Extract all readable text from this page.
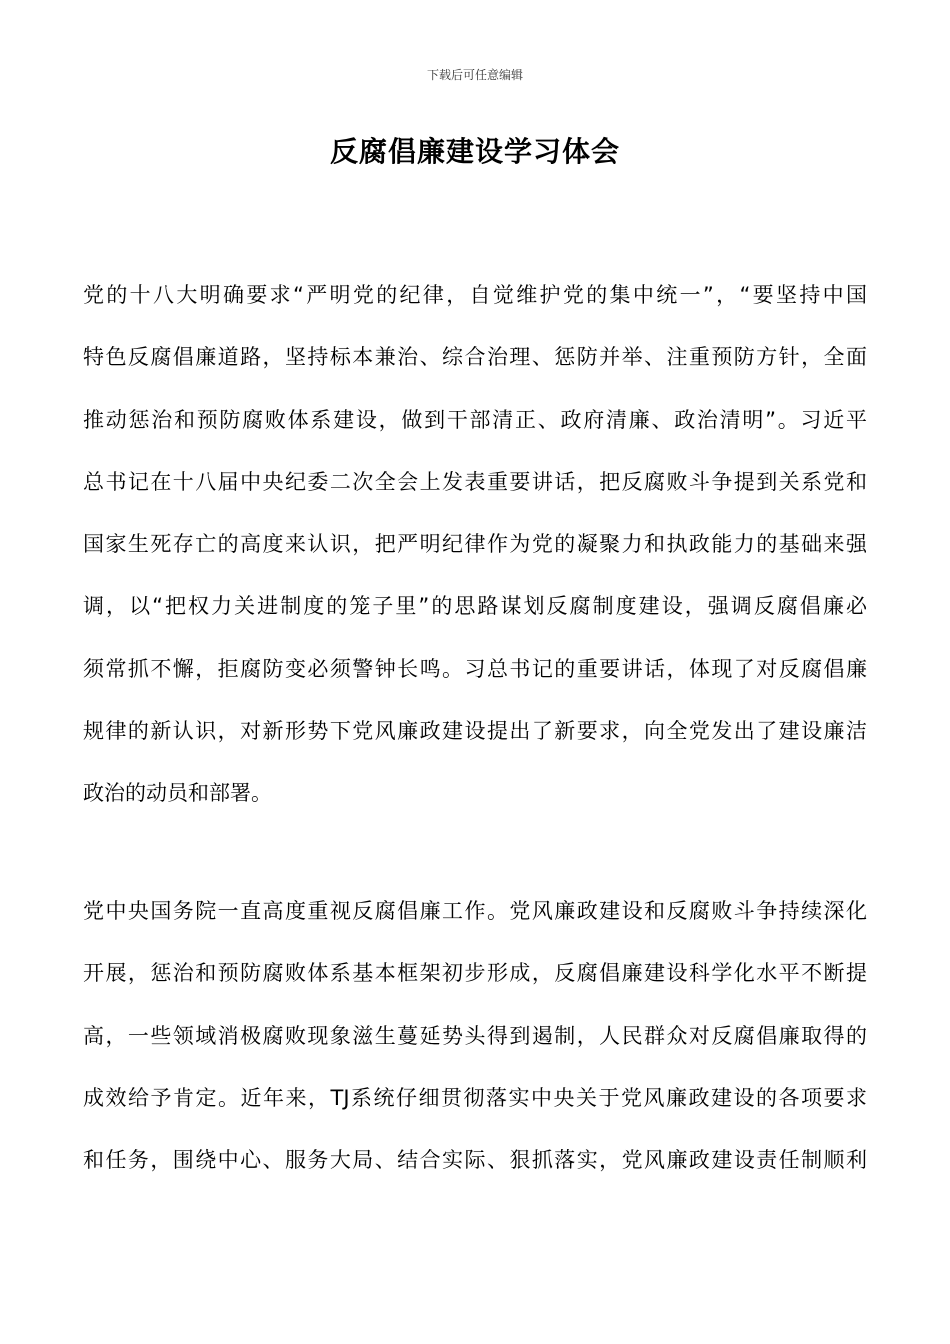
下载后可任意编辑
反腐倡廉建设学习体会
党的十八大明确要求“严明党的纪律，自觉维护党的集中统一”，“要坚持中国
特色反腐倡廉道路，坚持标本兼治、综合治理、惩防并举、注重预防方针，全面
推动惩治和预防腐败体系建设，做到干部清正、政府清廉、政治清明”。习近平
总书记在十八届中央纪委二次全会上发表重要讲话，把反腐败斗争提到关系党和
国家生死存亡的高度来认识，把严明纪律作为党的凝聚力和执政能力的基础来强
调，以“把权力关进制度的笼子里”的思路谋划反腐制度建设，强调反腐倡廉必
须常抓不懈，拒腐防变必须警钟长鸣。习总书记的重要讲话，体现了对反腐倡廉
规律的新认识，对新形势下党风廉政建设提出了新要求，向全党发出了建设廉洁
政治的动员和部署。
党中央国务院一直高度重视反腐倡廉工作。党风廉政建设和反腐败斗争持续深化
开展，惩治和预防腐败体系基本框架初步形成，反腐倡廉建设科学化水平不断提
高，一些领域消极腐败现象滋生蔓延势头得到遏制，人民群众对反腐倡廉取得的
成效给予肯定。近年来，TJ系统仔细贯彻落实中央关于党风廉政建设的各项要求
和任务，围绕中心、服务大局、结合实际、狠抓落实，党风廉政建设责任制顺利
